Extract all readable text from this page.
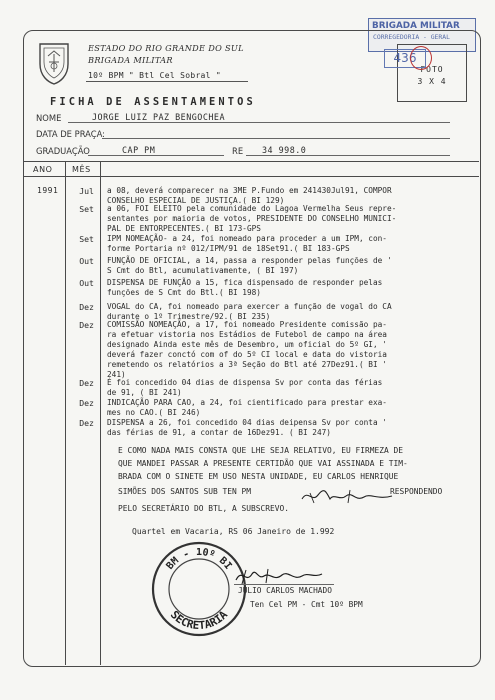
BRIGADA MILITAR
CORREGEDORIA - GERAL
ESTADO DO RIO GRANDE DO SUL
BRIGADA MILITAR
10º BPM " Btl Cel Sobral "
FOTO
3 X 4
436
FICHA DE ASSENTAMENTOS
NOME	JORGE LUIZ PAZ BENGOCHEA
DATA DE PRAÇA:
GRADUAÇÃO	CAP PM	RE 34 998.0
ANO MÊS
1991	Jul a 08, deverá comparecer na 3ME P.Fundo em 241430Jul91, COMPOR
CONSELHO ESPECIAL DE JUSTIÇA.( BI 129)
Set a 06, FOI ELEITO pela comunidade do Lagoa Vermelha Seus repre-
sentantes por maioria de votos, PRESIDENTE DO CONSELHO MUNICI-
PAL DE ENTORPECENTES.( BI 173-GPS
Set IPM NOMEAÇÃO- a 24, foi nomeado para proceder a um IPM, con-
forme Portaria nº 012/IPM/91 de 18Set91.( BI 183-GPS
Out FUNÇÃO DE OFICIAL, a 14, passa a responder pelas funções de '
S Cmt do Btl, acumulativamente, ( BI 197)
Out DISPENSA DE FUNÇÃO a 15, fica dispensado de responder pelas
funções de S Cmt do Btl.( BI 198)
Dez VOGAL do CA, foi nomeado para exercer a função de vogal do CA
durante o 1º Trimestre/92.( BI 235)
Dez COMISSÃO NOMEAÇÃO, a 17, foi nomeado Presidente comissão pa-
ra efetuar vistoria nos Estádios de Futebol de campo na área
designado Ainda este mês de Desembro, um oficial do 5º GI, '
deverá fazer conctó com of do 5º CI local e data do vistoria
remetendo os relatórios a 3ª Seção do Btl até 27Dez91.( BI '
241)
Dez É foi concedido 04 dias de dispensa Sv por conta das férias
de 91, ( BI 241)
Dez INDICAÇÃO PARA CAO, a 24, foi cientificado para prestar exa-
mes no CAO.( BI 246)
Dez DISPENSA a 26, foi concedido 04 dias deipensa Sv por conta '
das férias de 91, a contar de 16Dez91. ( BI 247)
E COMO NADA MAIS CONSTA QUE LHE SEJA RELATIVO, EU FIRMEZA DE
QUE MANDEI PASSAR A PRESENTE CERTIDÃO QUE VAI ASSINADA E TIM-
BRADA COM O SINETE EM USO NESTA UNIDADE, EU CARLOS HENRIQUE
SIMÕES DOS SANTOS SUB TEN PM	RESPONDENDO
PELO SECRETÁRIO DO BTL, A SUBSCREVO.
Quartel em Vacaria, RS 06 Janeiro de 1.992
BM - 10º BI
SECRETARIA
JULIO CARLOS MACHADO
Ten Cel PM - Cmt 10º BPM
